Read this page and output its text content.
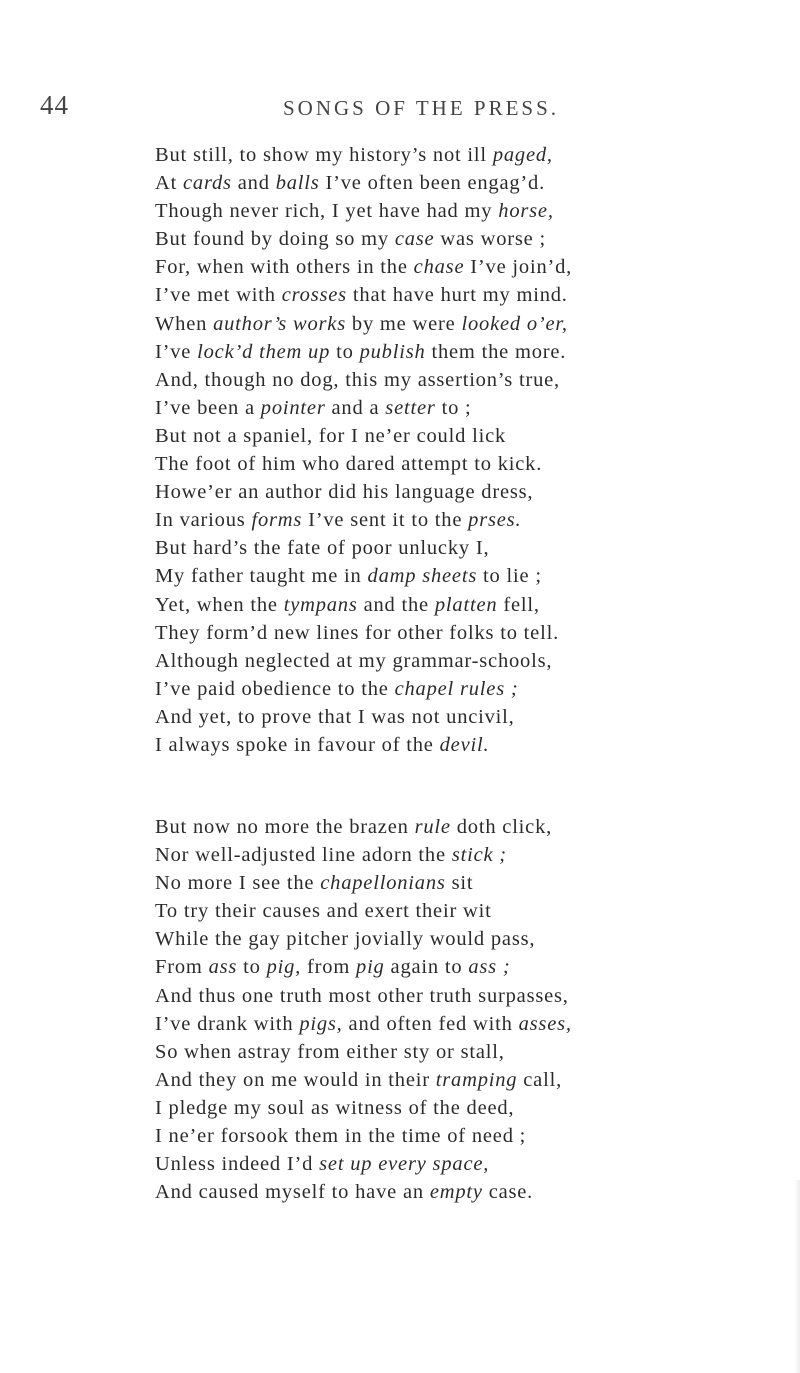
44	SONGS OF THE PRESS.
But still, to show my history’s not ill paged,
At cards and balls I’ve often been engag’d.
Though never rich, I yet have had my horse,
But found by doing so my case was worse ;
For, when with others in the chase I’ve join’d,
I’ve met with crosses that have hurt my mind.
When author’s works by me were looked o’er,
I’ve lock’d them up to publish them the more.
And, though no dog, this my assertion’s true,
I’ve been a pointer and a setter to ;
But not a spaniel, for I ne’er could lick
The foot of him who dared attempt to kick.
Howe’er an author did his language dress,
In various forms I’ve sent it to the prses.
But hard’s the fate of poor unlucky I,
My father taught me in damp sheets to lie ;
Yet, when the tympans and the platten fell,
They form’d new lines for other folks to tell.
Although neglected at my grammar-schools,
I’ve paid obedience to the chapel rules ;
And yet, to prove that I was not uncivil,
I always spoke in favour of the devil.
But now no more the brazen rule doth click,
Nor well-adjusted line adorn the stick ;
No more I see the chapellonians sit
To try their causes and exert their wit
While the gay pitcher jovially would pass,
From ass to pig, from pig again to ass ;
And thus one truth most other truth surpasses,
I’ve drank with pigs, and often fed with asses,
So when astray from either sty or stall,
And they on me would in their tramping call,
I pledge my soul as witness of the deed,
I ne’er forsook them in the time of need ;
Unless indeed I’d set up every space,
And caused myself to have an empty case.
